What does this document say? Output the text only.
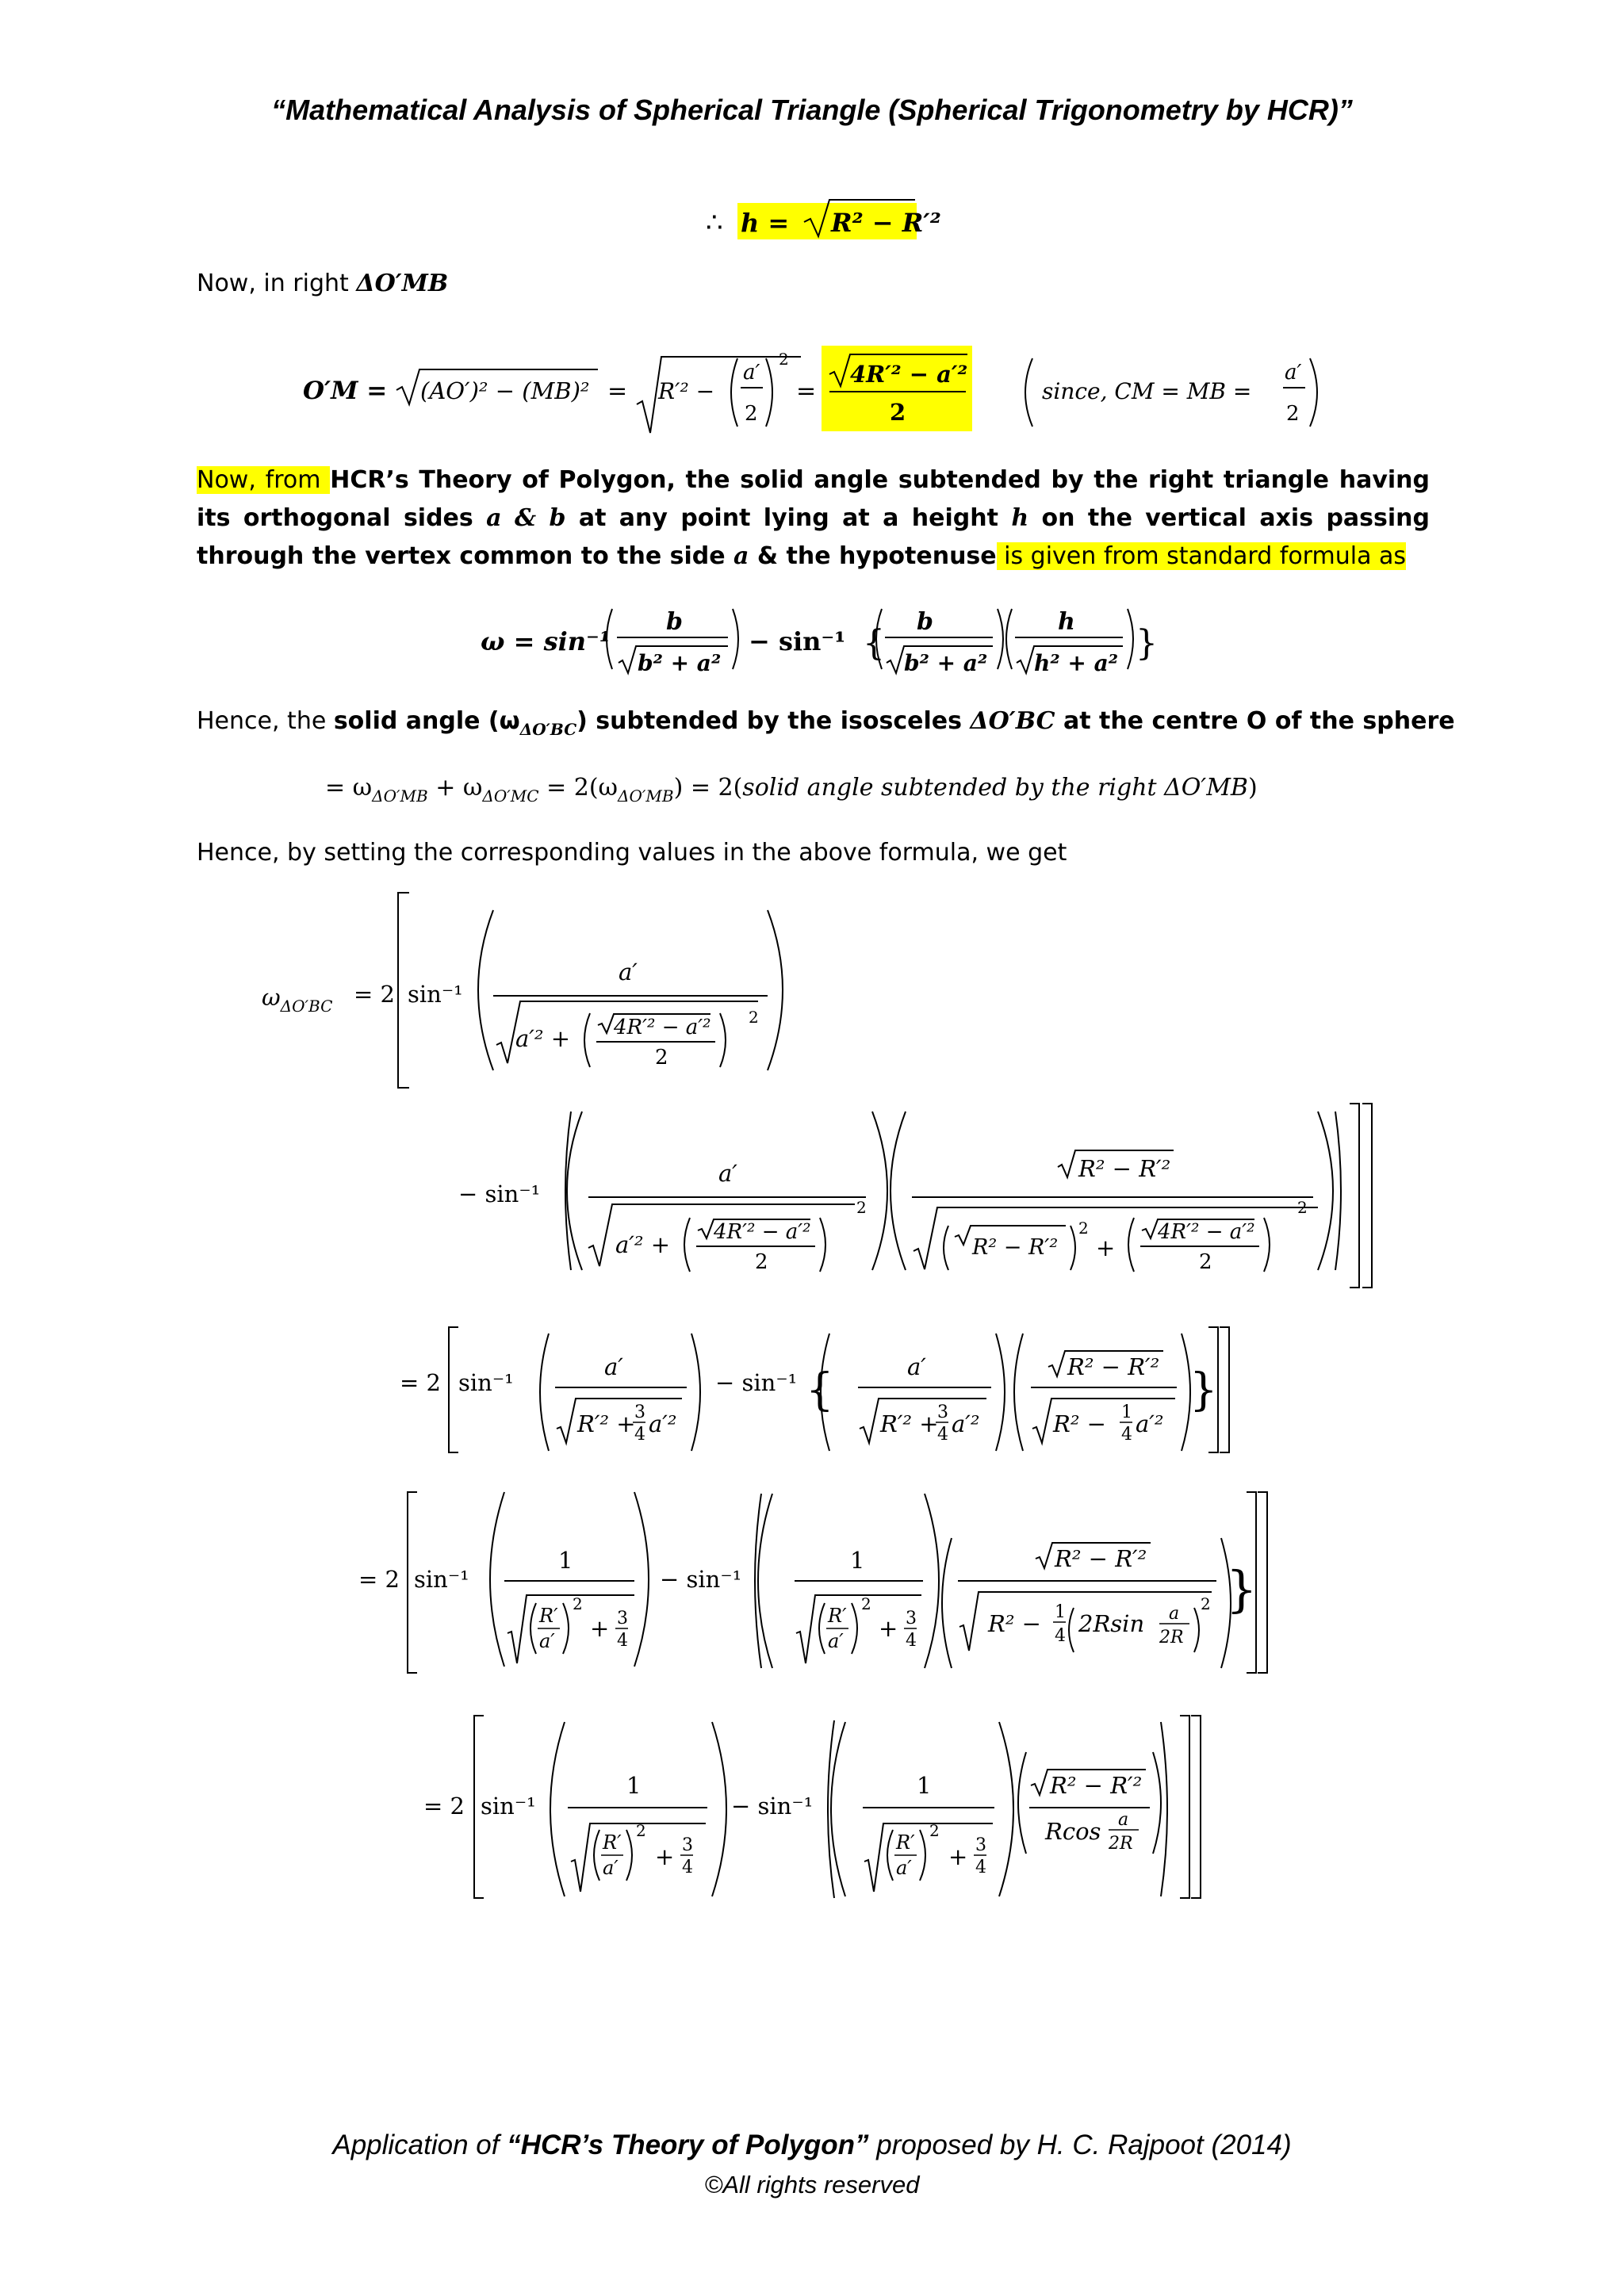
“Mathematical Analysis of Spherical Triangle (Spherical Trigonometry by HCR)”
∴ h = R² − R′²
O′M = (AO′)² − (MB)² = R′² −
a′
2
2
=
4R′² − a′²
2
since, CM = MB =
a′
2
ω = sin⁻¹
b
b² + a²
− sin⁻¹ {
b
b² + a²
h
h² + a² }
= $\omega_{\Delta O'MB} + \omega_{\Delta O'MC} = 2(\omega_{\Delta O'MB})$ = 2(solid angle subtended by the right ΔO′MB)
$\omega_{\Delta O'BC} = 2$ sin⁻¹
a′
a′² + 4R′² − a′²
2
2
− sin⁻¹
a′
a′² + 4R′² − a′²
2
2
R² − R′²
R² − R′²
2
+
4R′² − a′²
2
2
= 2 sin⁻¹
a′
R′² +
3
4 a′²
− sin⁻¹ {	a′
R′² +
3
4 a′²
R² − R′²
R² − 1
4 a′²
}
= 2 sin⁻¹
1
R′
a′
2
+ 3
4
− sin⁻¹
1
R′
a′
2
+ 3
4
R² − R′²
R² − 1
4 2Rsin a
2R
2 }
= 2 sin⁻¹
1
R′
a′
2
+ 3
4
− sin⁻¹
1
R′
a′
2
+ 3
4
R² − R′²
Rcos a
2R
Now, in right ΔO′MB
Now, from HCR’s Theory of Polygon, the solid angle subtended by the right triangle having its orthogonal sides a & b at any point lying at a height h on the vertical axis passing through the vertex common to the side a & the hypotenuse is given from standard formula as
Hence, the solid angle $(\omega_{\Delta O'BC})$ subtended by the isosceles ΔO′BC at the centre O of the sphere
Hence, by setting the corresponding values in the above formula, we get
Application of “HCR’s Theory of Polygon” proposed by H. C. Rajpoot (2014)
©All rights reserved
